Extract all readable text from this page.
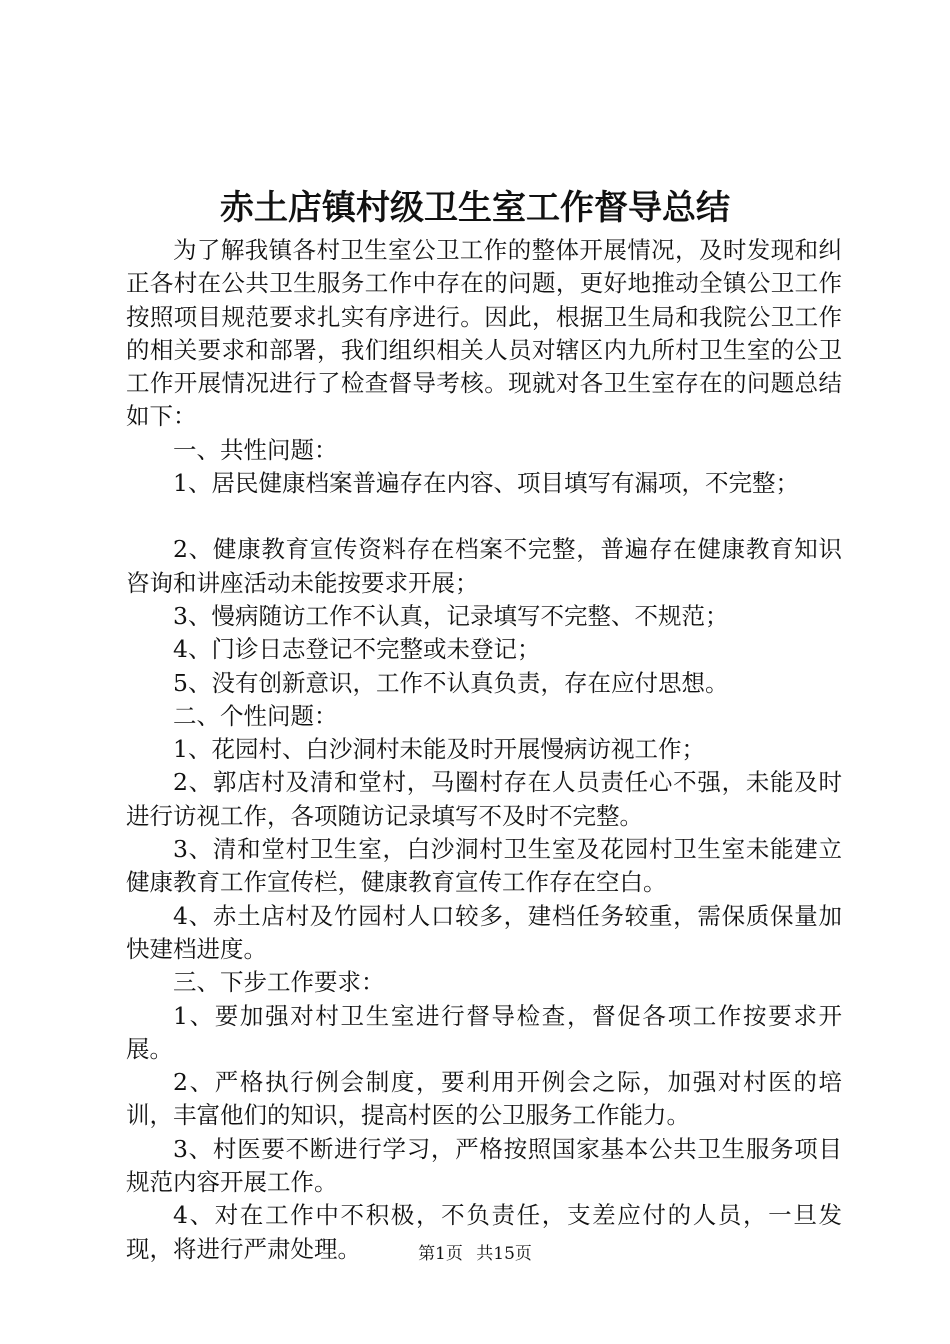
赤土店镇村级卫生室工作督导总结

为了解我镇各村卫生室公卫工作的整体开展情况，及时发现和纠正各村在公共卫生服务工作中存在的问题，更好地推动全镇公卫工作按照项目规范要求扎实有序进行。因此，根据卫生局和我院公卫工作的相关要求和部署，我们组织相关人员对辖区内九所村卫生室的公卫工作开展情况进行了检查督导考核。现就对各卫生室存在的问题总结如下：

一、共性问题：

1、居民健康档案普遍存在内容、项目填写有漏项，不完整；

2、健康教育宣传资料存在档案不完整，普遍存在健康教育知识咨询和讲座活动未能按要求开展；

3、慢病随访工作不认真，记录填写不完整、不规范；

4、门诊日志登记不完整或未登记；

5、没有创新意识，工作不认真负责，存在应付思想。

二、个性问题：

1、花园村、白沙洞村未能及时开展慢病访视工作；

2、郭店村及清和堂村，马圈村存在人员责任心不强，未能及时进行访视工作，各项随访记录填写不及时不完整。

3、清和堂村卫生室，白沙洞村卫生室及花园村卫生室未能建立健康教育工作宣传栏，健康教育宣传工作存在空白。

4、赤土店村及竹园村人口较多，建档任务较重，需保质保量加快建档进度。

三、下步工作要求：

1、要加强对村卫生室进行督导检查，督促各项工作按要求开展。

2、严格执行例会制度，要利用开例会之际，加强对村医的培训，丰富他们的知识，提高村医的公卫服务工作能力。

3、村医要不断进行学习，严格按照国家基本公共卫生服务项目规范内容开展工作。

4、对在工作中不积极，不负责任，支差应付的人员，一旦发现，将进行严肃处理。	第1页 共15页
